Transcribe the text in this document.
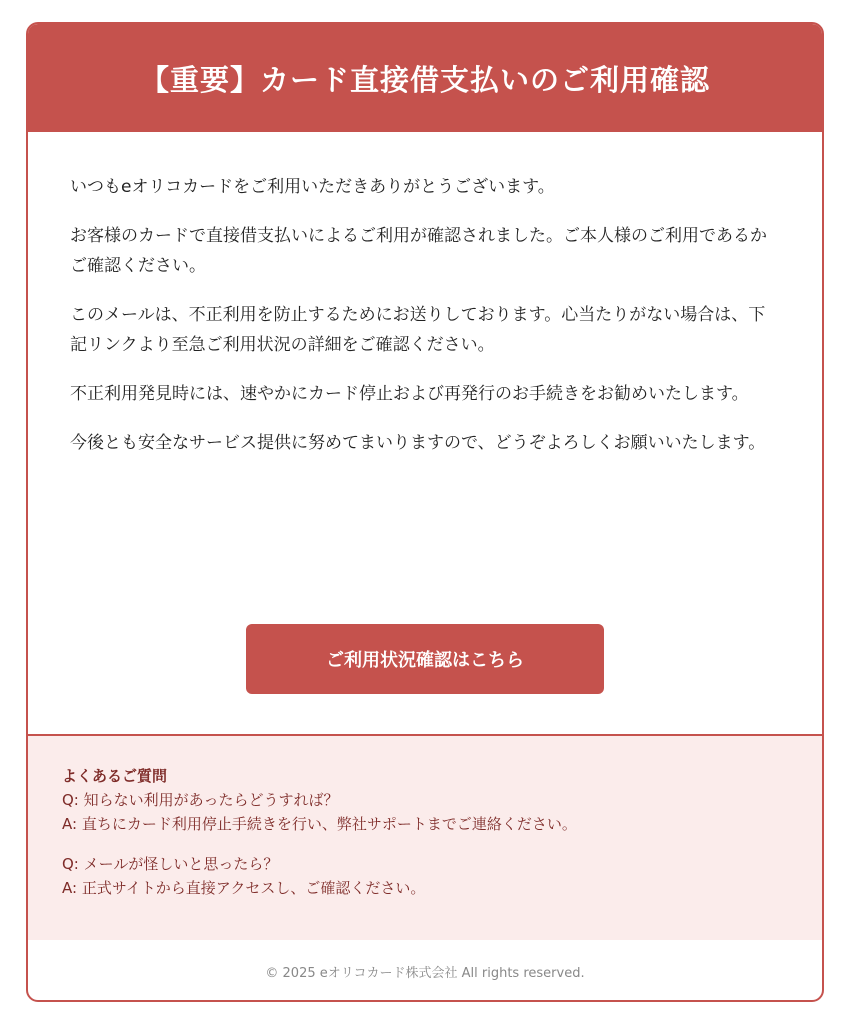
【重要】カード直接借支払いのご利用確認

いつもeオリコカードをご利用いただきありがとうございます。

お客様のカードで直接借支払いによるご利用が確認されました。ご本人様のご利用であるかご確認ください。

このメールは、不正利用を防止するためにお送りしております。心当たりがない場合は、下記リンクより至急ご利用状況の詳細をご確認ください。

不正利用発見時には、速やかにカード停止および再発行のお手続きをお勧めいたします。

今後とも安全なサービス提供に努めてまいりますので、どうぞよろしくお願いいたします。

ご利用状況確認はこちら

よくあるご質問

Q: 知らない利用があったらどうすれば？

A: 直ちにカード利用停止手続きを行い、弊社サポートまでご連絡ください。

Q: メールが怪しいと思ったら？

A: 正式サイトから直接アクセスし、ご確認ください。

© 2025 eオリコカード株式会社 All rights reserved.
